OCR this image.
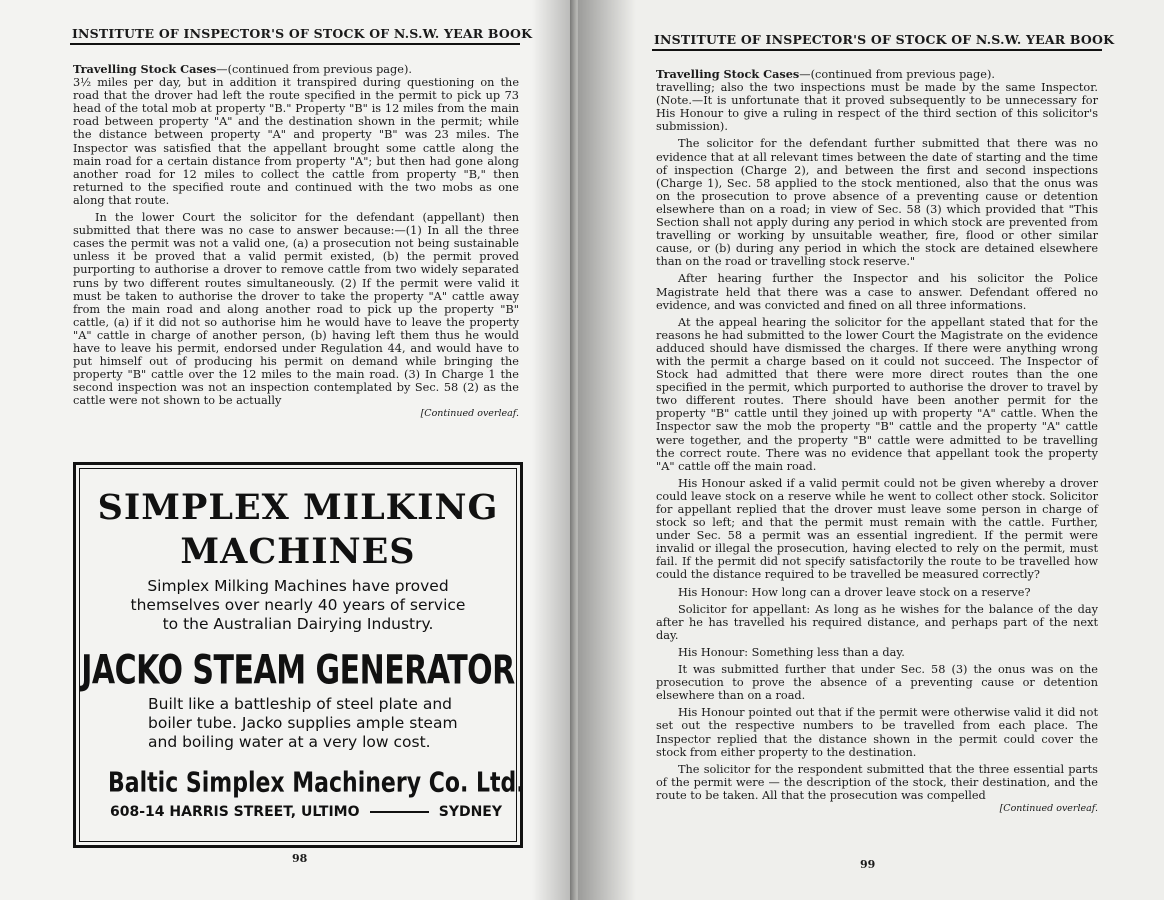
INSTITUTE OF INSPECTOR'S OF STOCK OF N.S.W. YEAR BOOK

Travelling Stock Cases—(continued from previous page).

3½ miles per day, but in addition it transpired during questioning on the road that the drover had left the route specified in the permit to pick up 73 head of the total mob at property "B." Property "B" is 12 miles from the main road between property "A" and the destination shown in the permit; while the distance between property "A" and property "B" was 23 miles. The Inspector was satisfied that the appellant brought some cattle along the main road for a certain distance from property "A"; but then had gone along another road for 12 miles to collect the cattle from property "B," then returned to the specified route and continued with the two mobs as one along that route.

In the lower Court the solicitor for the defendant (appellant) then submitted that there was no case to answer because:—(1) In all the three cases the permit was not a valid one, (a) a prosecution not being sustainable unless it be proved that a valid permit existed, (b) the permit proved purporting to authorise a drover to remove cattle from two widely separated runs by two different routes simultaneously. (2) If the permit were valid it must be taken to authorise the drover to take the property "A" cattle away from the main road and along another road to pick up the property "B" cattle, (a) if it did not so authorise him he would have to leave the property "A" cattle in charge of another person, (b) having left them thus he would have to leave his permit, endorsed under Regulation 44, and would have to put himself out of producing his permit on demand while bringing the property "B" cattle over the 12 miles to the main road. (3) In Charge 1 the second inspection was not an inspection contemplated by Sec. 58 (2) as the cattle were not shown to be actually

[Continued overleaf.

SIMPLEX MILKING
MACHINES
Simplex Milking Machines have proved
themselves over nearly 40 years of service
to the Australian Dairying Industry.
JACKO STEAM GENERATOR
Built like a battleship of steel plate and
boiler tube. Jacko supplies ample steam
and boiling water at a very low cost.
Baltic Simplex Machinery Co. Ltd.
608-14 HARRIS STREET, ULTIMO	SYDNEY
98
INSTITUTE OF INSPECTOR'S OF STOCK OF N.S.W. YEAR BOOK

Travelling Stock Cases—(continued from previous page).

travelling; also the two inspections must be made by the same Inspector. (Note.—It is unfortunate that it proved subsequently to be unnecessary for His Honour to give a ruling in respect of the third section of this solicitor's submission).

The solicitor for the defendant further submitted that there was no evidence that at all relevant times between the date of starting and the time of inspection (Charge 2), and between the first and second inspections (Charge 1), Sec. 58 applied to the stock mentioned, also that the onus was on the prosecution to prove absence of a preventing cause or detention elsewhere than on a road; in view of Sec. 58 (3) which provided that "This Section shall not apply during any period in which stock are prevented from travelling or working by unsuitable weather, fire, flood or other similar cause, or (b) during any period in which the stock are detained elsewhere than on the road or travelling stock reserve."

After hearing further the Inspector and his solicitor the Police Magistrate held that there was a case to answer. Defendant offered no evidence, and was convicted and fined on all three informations.

At the appeal hearing the solicitor for the appellant stated that for the reasons he had submitted to the lower Court the Magistrate on the evidence adduced should have dismissed the charges. If there were anything wrong with the permit a charge based on it could not succeed. The Inspector of Stock had admitted that there were more direct routes than the one specified in the permit, which purported to authorise the drover to travel by two different routes. There should have been another permit for the property "B" cattle until they joined up with property "A" cattle. When the Inspector saw the mob the property "B" cattle and the property "A" cattle were together, and the property "B" cattle were admitted to be travelling the correct route. There was no evidence that appellant took the property "A" cattle off the main road.

His Honour asked if a valid permit could not be given whereby a drover could leave stock on a reserve while he went to collect other stock. Solicitor for appellant replied that the drover must leave some person in charge of stock so left; and that the permit must remain with the cattle. Further, under Sec. 58 a permit was an essential ingredient. If the permit were invalid or illegal the prosecution, having elected to rely on the permit, must fail. If the permit did not specify satisfactorily the route to be travelled how could the distance required to be travelled be measured correctly?

His Honour: How long can a drover leave stock on a reserve?

Solicitor for appellant: As long as he wishes for the balance of the day after he has travelled his required distance, and perhaps part of the next day.

His Honour: Something less than a day.

It was submitted further that under Sec. 58 (3) the onus was on the prosecution to prove the absence of a preventing cause or detention elsewhere than on a road.

His Honour pointed out that if the permit were otherwise valid it did not set out the respective numbers to be travelled from each place. The Inspector replied that the distance shown in the permit could cover the stock from either property to the destination.

The solicitor for the respondent submitted that the three essential parts of the permit were — the description of the stock, their destination, and the route to be taken. All that the prosecution was compelled

[Continued overleaf.

99
